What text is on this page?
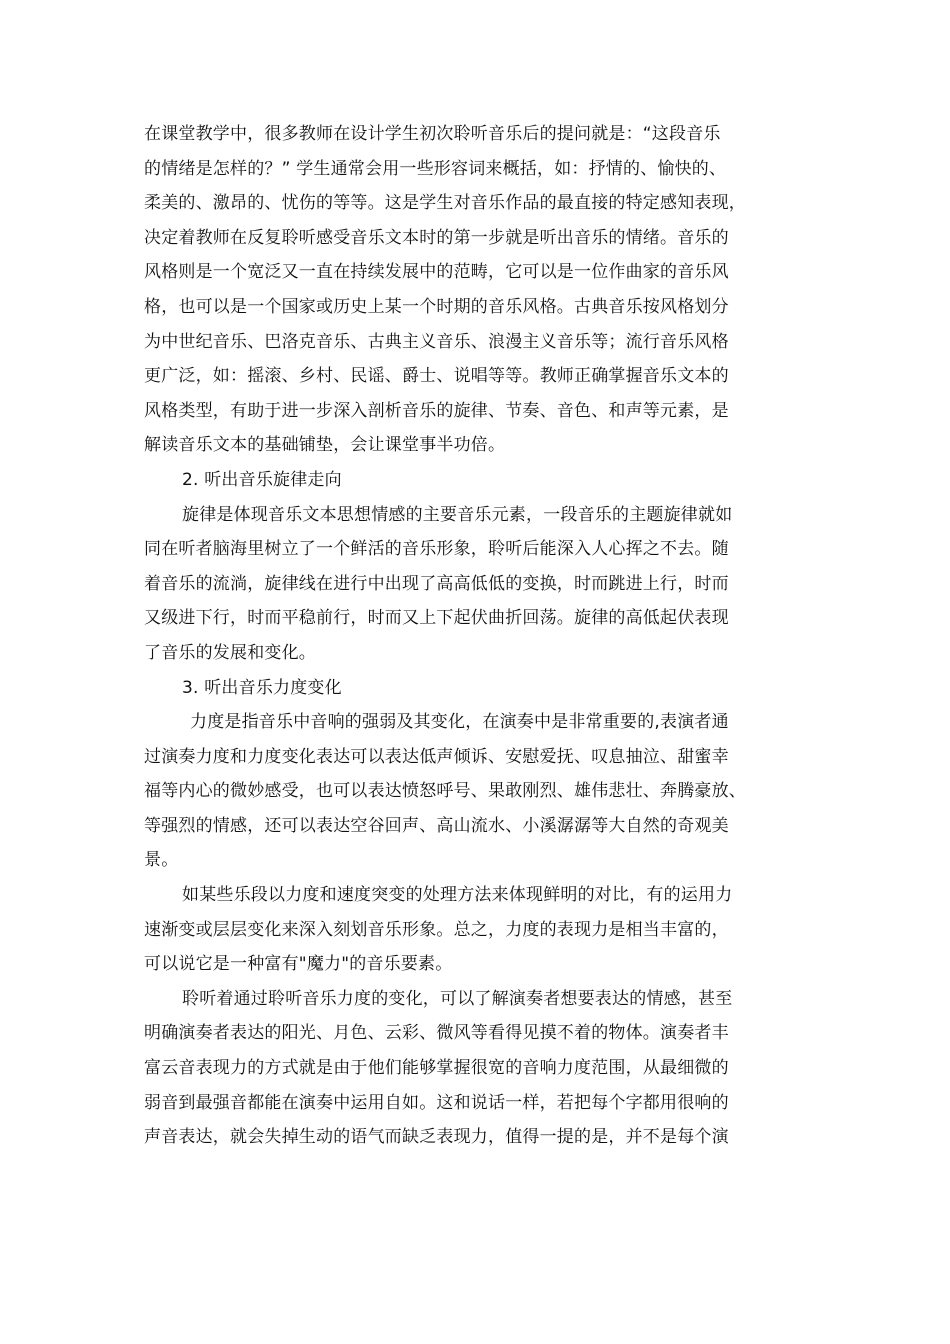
在课堂教学中，很多教师在设计学生初次聆听音乐后的提问就是：“这段音乐
的情绪是怎样的？” 学生通常会用一些形容词来概括，如：抒情的、愉快的、
柔美的、激昂的、忧伤的等等。这是学生对音乐作品的最直接的特定感知表现，
决定着教师在反复聆听感受音乐文本时的第一步就是听出音乐的情绪。音乐的
风格则是一个宽泛又一直在持续发展中的范畴，它可以是一位作曲家的音乐风
格，也可以是一个国家或历史上某一个时期的音乐风格。古典音乐按风格划分
为中世纪音乐、巴洛克音乐、古典主义音乐、浪漫主义音乐等；流行音乐风格
更广泛，如：摇滚、乡村、民谣、爵士、说唱等等。教师正确掌握音乐文本的
风格类型，有助于进一步深入剖析音乐的旋律、节奏、音色、和声等元素，是
解读音乐文本的基础铺垫，会让课堂事半功倍。
2. 听出音乐旋律走向
旋律是体现音乐文本思想情感的主要音乐元素，一段音乐的主题旋律就如
同在听者脑海里树立了一个鲜活的音乐形象，聆听后能深入人心挥之不去。随
着音乐的流淌，旋律线在进行中出现了高高低低的变换，时而跳进上行，时而
又级进下行，时而平稳前行，时而又上下起伏曲折回荡。旋律的高低起伏表现
了音乐的发展和变化。
3. 听出音乐力度变化
力度是指音乐中音响的强弱及其变化，在演奏中是非常重要的,表演者通
过演奏力度和力度变化表达可以表达低声倾诉、安慰爱抚、叹息抽泣、甜蜜幸
福等内心的微妙感受，也可以表达愤怒呼号、果敢刚烈、雄伟悲壮、奔腾豪放、
等强烈的情感，还可以表达空谷回声、高山流水、小溪潺潺等大自然的奇观美
景。
如某些乐段以力度和速度突变的处理方法来体现鲜明的对比，有的运用力
速渐变或层层变化来深入刻划音乐形象。总之，力度的表现力是相当丰富的，
可以说它是一种富有"魔力"的音乐要素。
聆听着通过聆听音乐力度的变化，可以了解演奏者想要表达的情感，甚至
明确演奏者表达的阳光、月色、云彩、微风等看得见摸不着的物体。演奏者丰
富云音表现力的方式就是由于他们能够掌握很宽的音响力度范围，从最细微的
弱音到最强音都能在演奏中运用自如。这和说话一样，若把每个字都用很响的
声音表达，就会失掉生动的语气而缺乏表现力，值得一提的是，并不是每个演
